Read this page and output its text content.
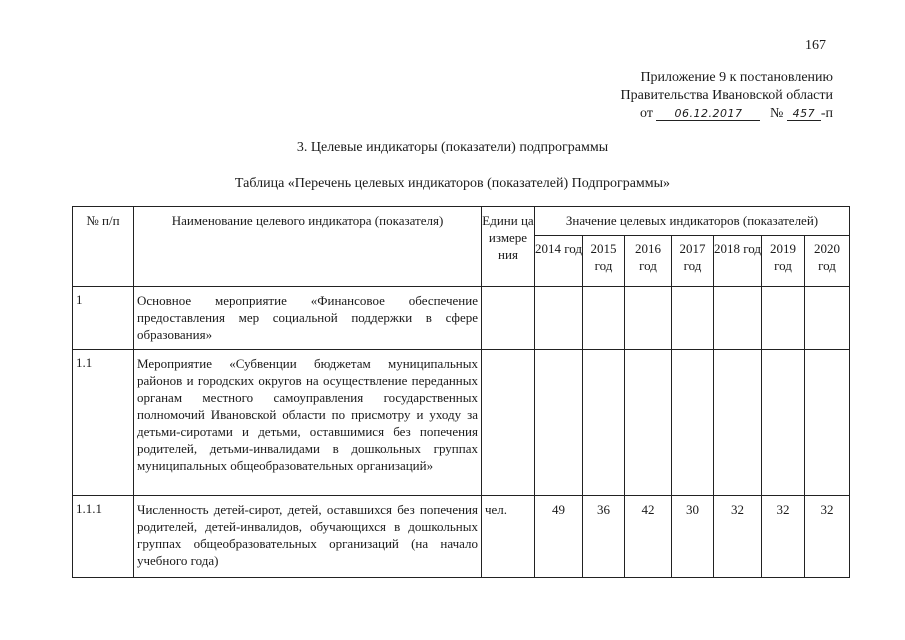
167
Приложение 9 к постановлению
Правительства Ивановской области
от 06.12.2017 № 457 -п
3. Целевые индикаторы (показатели) подпрограммы
Таблица «Перечень целевых индикаторов (показателей) Подпрограммы»
№ п/п	Наименование целевого индикатора (показателя)	Едини ца измере ния	Значение целевых индикаторов (показателей)						
			2014 год	2015 год	2016 год	2017 год	2018 год	2019 год	2020 год
1	Основное мероприятие «Финансовое обеспечение предоставления мер социальной поддержки в сфере образования»								
1.1	Мероприятие «Субвенции бюджетам муниципальных районов и городских округов на осуществление переданных органам местного самоуправления государственных полномочий Ивановской области по присмотру и уходу за детьми-сиротами и детьми, оставшимися без попечения родителей, детьми-инвалидами в дошкольных группах муниципальных общеобразовательных организаций»								
1.1.1	Численность детей-сирот, детей, оставшихся без попечения родителей, детей-инвалидов, обучающихся в дошкольных группах общеобразовательных организаций (на начало учебного года)	чел.	49	36	42	30	32	32	32
